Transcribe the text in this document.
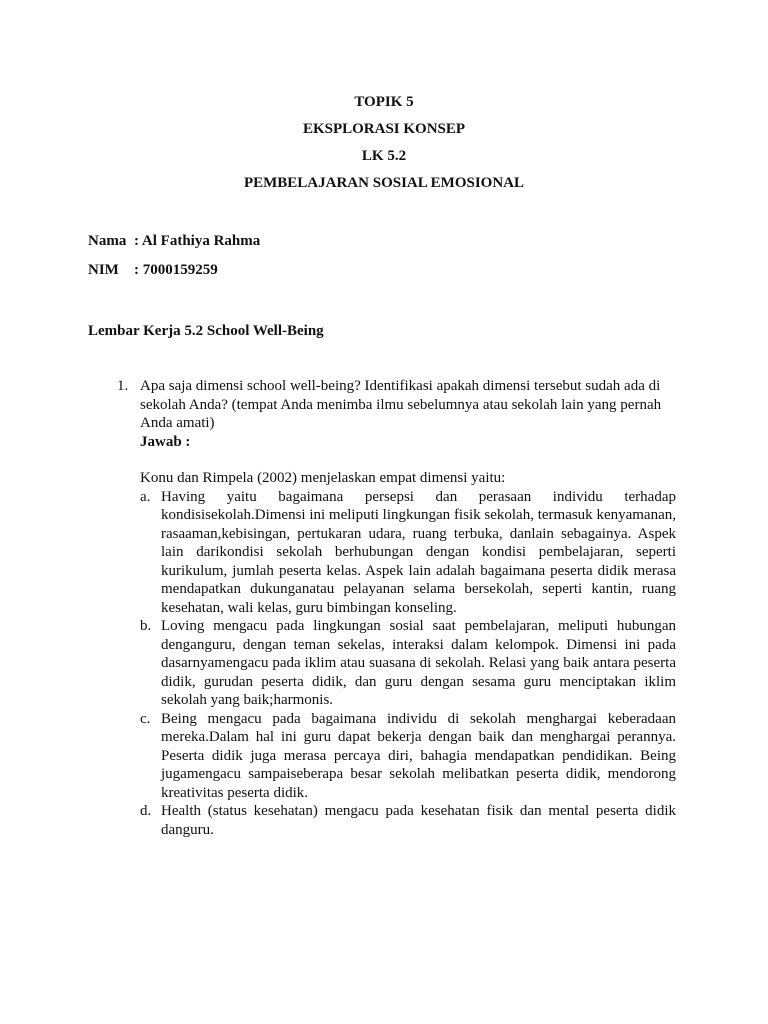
TOPIK 5
EKSPLORASI KONSEP
LK 5.2
PEMBELAJARAN SOSIAL EMOSIONAL
Nama : Al Fathiya Rahma
NIM : 7000159259
Lembar Kerja 5.2 School Well-Being
1. Apa saja dimensi school well-being? Identifikasi apakah dimensi tersebut sudah ada di sekolah Anda? (tempat Anda menimba ilmu sebelumnya atau sekolah lain yang pernah Anda amati)

Jawab :

Konu dan Rimpela (2002) menjelaskan empat dimensi yaitu:

a. Having yaitu bagaimana persepsi dan perasaan individu terhadap kondisisekolah.Dimensi ini meliputi lingkungan fisik sekolah, termasuk kenyamanan, rasaaman,kebisingan, pertukaran udara, ruang terbuka, danlain sebagainya. Aspek lain darikondisi sekolah berhubungan dengan kondisi pembelajaran, seperti kurikulum, jumlah peserta kelas. Aspek lain adalah bagaimana peserta didik merasa mendapatkan dukunganatau pelayanan selama bersekolah, seperti kantin, ruang kesehatan, wali kelas, guru bimbingan konseling.
b. Loving mengacu pada lingkungan sosial saat pembelajaran, meliputi hubungan denganguru, dengan teman sekelas, interaksi dalam kelompok. Dimensi ini pada dasarnyamengacu pada iklim atau suasana di sekolah. Relasi yang baik antara peserta didik, gurudan peserta didik, dan guru dengan sesama guru menciptakan iklim sekolah yang baik;harmonis.
c. Being mengacu pada bagaimana individu di sekolah menghargai keberadaan mereka.Dalam hal ini guru dapat bekerja dengan baik dan menghargai perannya. Peserta didik juga merasa percaya diri, bahagia mendapatkan pendidikan. Being jugamengacu sampaiseberapa besar sekolah melibatkan peserta didik, mendorong kreativitas peserta didik.
d. Health (status kesehatan) mengacu pada kesehatan fisik dan mental peserta didik danguru.
